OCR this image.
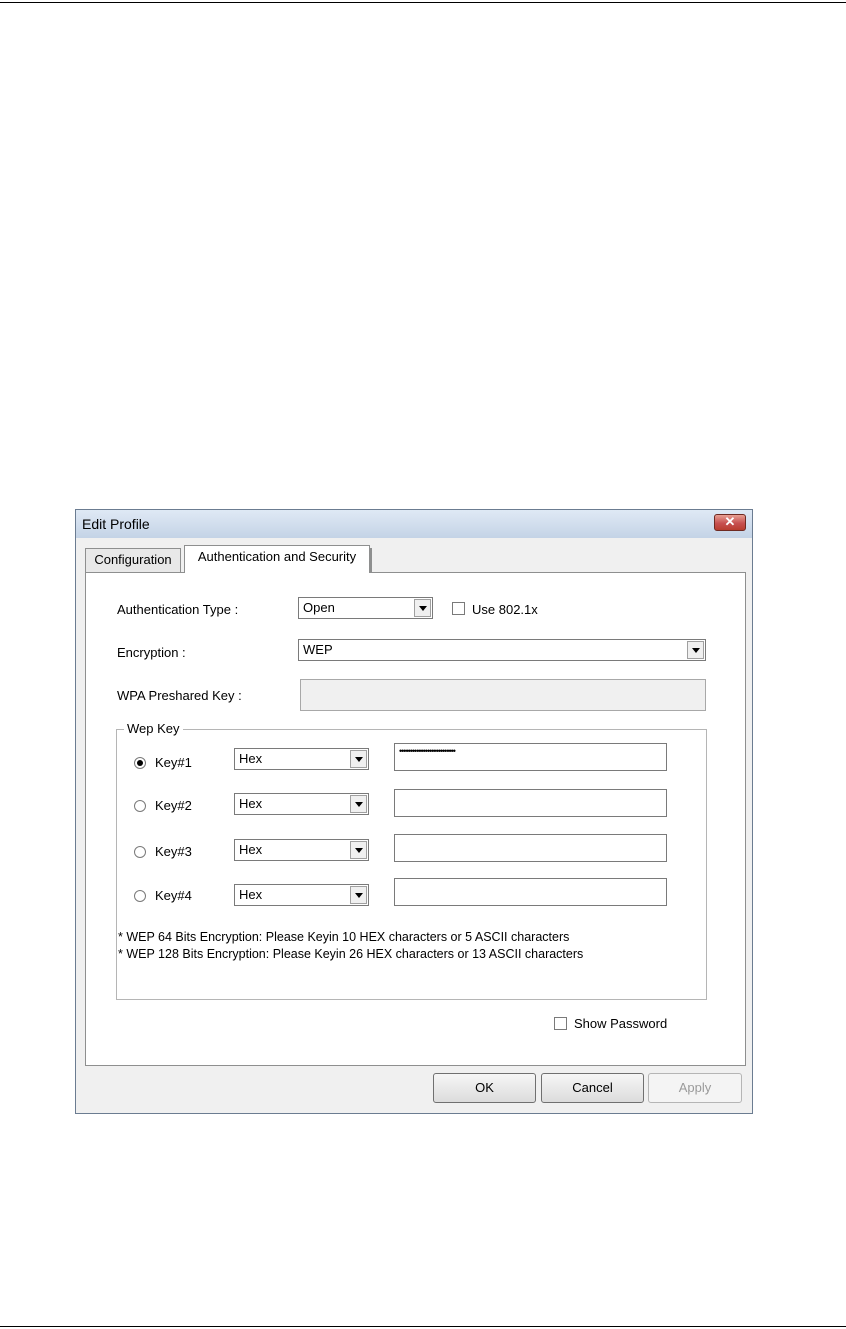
Edit Profile	✕
Configuration	Authentication and Security
Authentication Type :	Open	Use 802.1x
Encryption :	WEP
WPA Preshared Key :
Wep Key
Key#1	Hex	••••••••••••••••••••••••••
Key#2	Hex
Key#3	Hex
Key#4	Hex
* WEP 64 Bits Encryption: Please Keyin 10 HEX characters or 5 ASCII characters
* WEP 128 Bits Encryption: Please Keyin 26 HEX characters or 13 ASCII characters
Show Password
OK	Cancel	Apply
